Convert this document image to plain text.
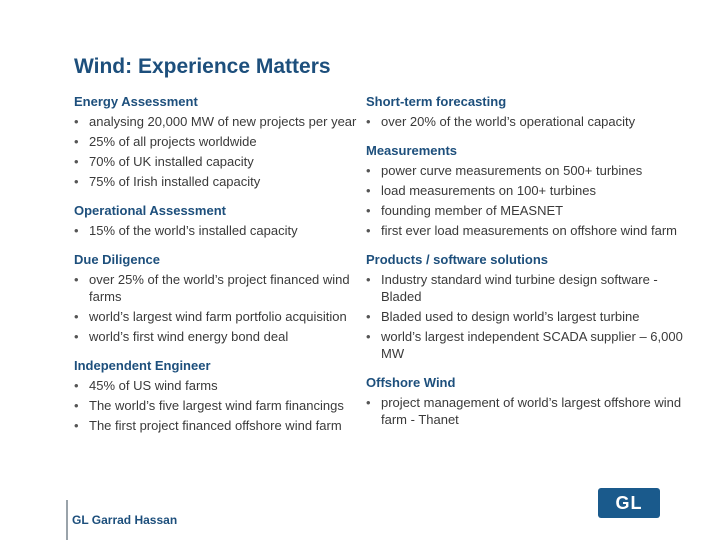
Wind: Experience Matters
Energy Assessment
• analysing 20,000 MW of new projects per year
• 25% of all projects worldwide
• 70% of UK installed capacity
• 75% of Irish installed capacity
Operational Assessment
• 15% of the world’s installed capacity
Due Diligence
• over 25% of the world’s project financed wind farms
• world’s largest wind farm portfolio acquisition
• world’s first wind energy bond deal
Independent Engineer
• 45% of US wind farms
• The world’s five largest wind farm financings
• The first project financed offshore wind farm
Short-term forecasting
• over 20% of the world’s operational capacity
Measurements
• power curve measurements on 500+ turbines
• load measurements on 100+ turbines
• founding member of MEASNET
• first ever load measurements on offshore wind farm
Products / software solutions
• Industry standard wind turbine design software - Bladed
• Bladed used to design world’s largest turbine
• world’s largest independent SCADA supplier – 6,000 MW
Offshore Wind
• project management of world’s largest offshore wind farm - Thanet
GL Garrad Hassan
GL
